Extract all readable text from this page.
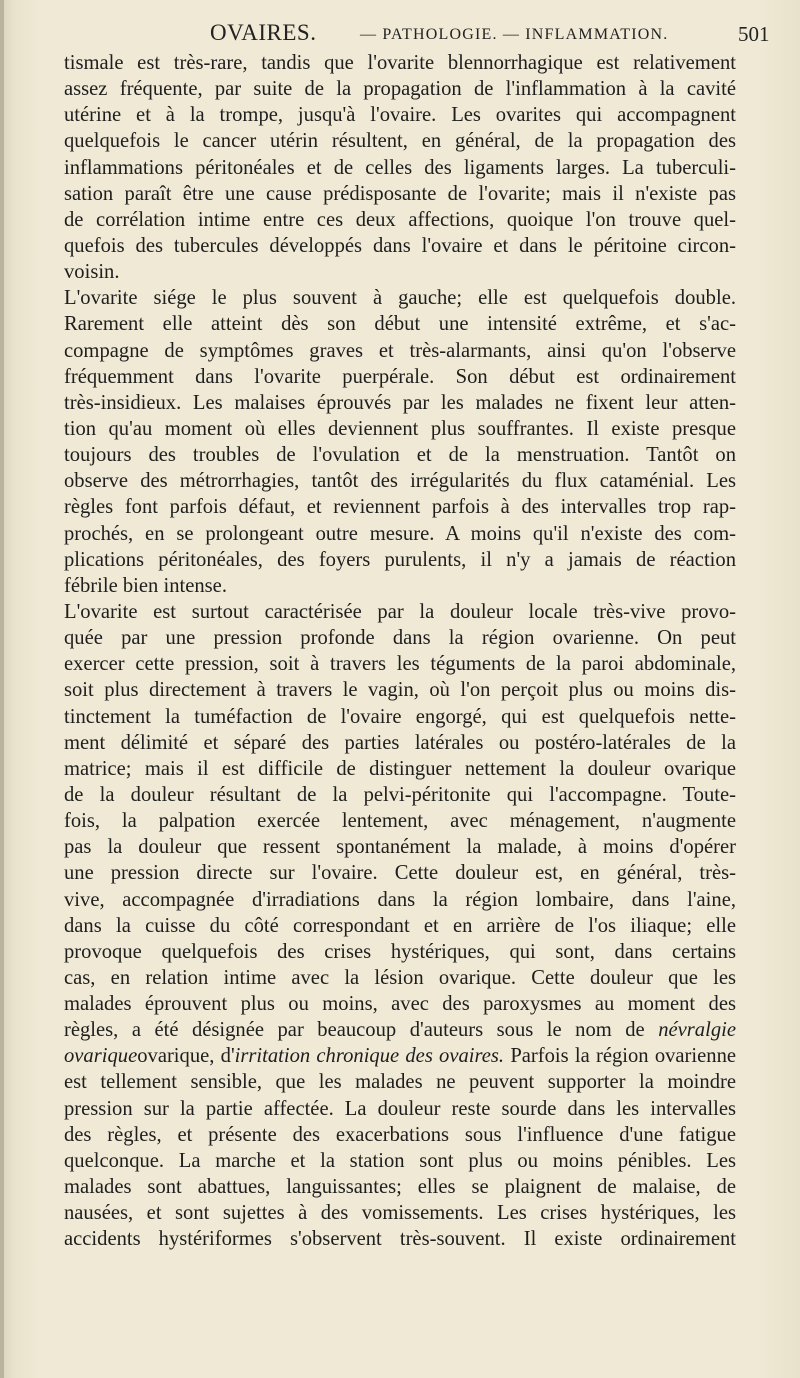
OVAIRES.	— PATHOLOGIE. — INFLAMMATION.	501
tismale est très-rare, tandis que l'ovarite blennorrhagique est relativement
assez fréquente, par suite de la propagation de l'inflammation à la cavité
utérine et à la trompe, jusqu'à l'ovaire. Les ovarites qui accompagnent
quelquefois le cancer utérin résultent, en général, de la propagation des
inflammations péritonéales et de celles des ligaments larges. La tuberculi-
sation paraît être une cause prédisposante de l'ovarite; mais il n'existe pas
de corrélation intime entre ces deux affections, quoique l'on trouve quel-
quefois des tubercules développés dans l'ovaire et dans le péritoine circon-
voisin.
L'ovarite siége le plus souvent à gauche; elle est quelquefois double.
Rarement elle atteint dès son début une intensité extrême, et s'ac-
compagne de symptômes graves et très-alarmants, ainsi qu'on l'observe
fréquemment dans l'ovarite puerpérale. Son début est ordinairement
très-insidieux. Les malaises éprouvés par les malades ne fixent leur atten-
tion qu'au moment où elles deviennent plus souffrantes. Il existe presque
toujours des troubles de l'ovulation et de la menstruation. Tantôt on
observe des métrorrhagies, tantôt des irrégularités du flux cataménial. Les
règles font parfois défaut, et reviennent parfois à des intervalles trop rap-
prochés, en se prolongeant outre mesure. A moins qu'il n'existe des com-
plications péritonéales, des foyers purulents, il n'y a jamais de réaction
fébrile bien intense.
L'ovarite est surtout caractérisée par la douleur locale très-vive provo-
quée par une pression profonde dans la région ovarienne. On peut
exercer cette pression, soit à travers les téguments de la paroi abdominale,
soit plus directement à travers le vagin, où l'on perçoit plus ou moins dis-
tinctement la tuméfaction de l'ovaire engorgé, qui est quelquefois nette-
ment délimité et séparé des parties latérales ou postéro-latérales de la
matrice; mais il est difficile de distinguer nettement la douleur ovarique
de la douleur résultant de la pelvi-péritonite qui l'accompagne. Toute-
fois, la palpation exercée lentement, avec ménagement, n'augmente
pas la douleur que ressent spontanément la malade, à moins d'opérer
une pression directe sur l'ovaire. Cette douleur est, en général, très-
vive, accompagnée d'irradiations dans la région lombaire, dans l'aine,
dans la cuisse du côté correspondant et en arrière de l'os iliaque; elle
provoque quelquefois des crises hystériques, qui sont, dans certains
cas, en relation intime avec la lésion ovarique. Cette douleur que les
malades éprouvent plus ou moins, avec des paroxysmes au moment des
règles, a été désignée par beaucoup d'auteurs sous le nom de névralgie
ovariqueovarique, d'irritation chronique des ovaires. Parfois la région ovarienne
est tellement sensible, que les malades ne peuvent supporter la moindre
pression sur la partie affectée. La douleur reste sourde dans les intervalles
des règles, et présente des exacerbations sous l'influence d'une fatigue
quelconque. La marche et la station sont plus ou moins pénibles. Les
malades sont abattues, languissantes; elles se plaignent de malaise, de
nausées, et sont sujettes à des vomissements. Les crises hystériques, les
accidents hystériformes s'observent très-souvent. Il existe ordinairement
